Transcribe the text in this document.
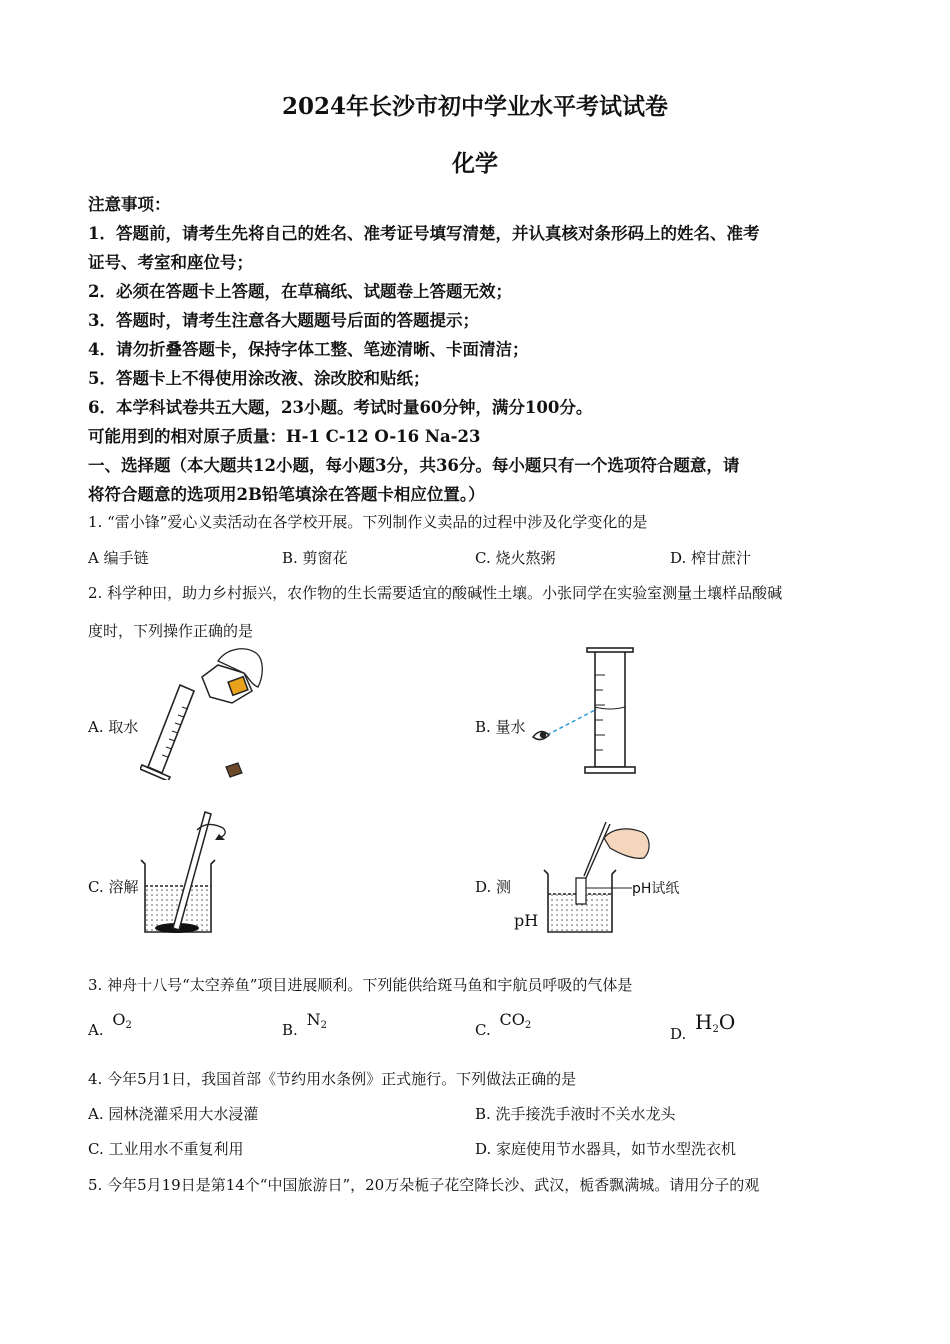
2024年长沙市初中学业水平考试试卷
化学
注意事项：
1．答题前，请考生先将自己的姓名、准考证号填写清楚，并认真核对条形码上的姓名、准考
证号、考室和座位号；
2．必须在答题卡上答题，在草稿纸、试题卷上答题无效；
3．答题时，请考生注意各大题题号后面的答题提示；
4．请勿折叠答题卡，保持字体工整、笔迹清晰、卡面清洁；
5．答题卡上不得使用涂改液、涂改胶和贴纸；
6．本学科试卷共五大题，23小题。考试时量60分钟，满分100分。
可能用到的相对原子质量：H-1 C-12 O-16 Na-23
一、选择题（本大题共12小题，每小题3分，共36分。每小题只有一个选项符合题意，请
将符合题意的选项用2B铅笔填涂在答题卡相应位置。）
1. “雷小锋”爱心义卖活动在各学校开展。下列制作义卖品的过程中涉及化学变化的是
A 编手链	B. 剪窗花	C. 烧火熬粥	D. 榨甘蔗汁
2. 科学种田，助力乡村振兴，农作物的生长需要适宜的酸碱性土壤。小张同学在实验室测量土壤样品酸碱
度时，下列操作正确的是
A. 取水	B. 量水
C. 溶解	D. 测
pH
pH试纸
3. 神舟十八号“太空养鱼”项目进展顺利。下列能供给斑马鱼和宇航员呼吸的气体是
A. $O^2$	B. $N^2$	C. $CO^2$	D. $H^2O$
4. 今年5月1日，我国首部《节约用水条例》正式施行。下列做法正确的是
A. 园林浇灌采用大水浸灌	B. 洗手接洗手液时不关水龙头
C. 工业用水不重复利用	D. 家庭使用节水器具，如节水型洗衣机
5. 今年5月19日是第14个“中国旅游日”，20万朵栀子花空降长沙、武汉，栀香飘满城。请用分子的观
